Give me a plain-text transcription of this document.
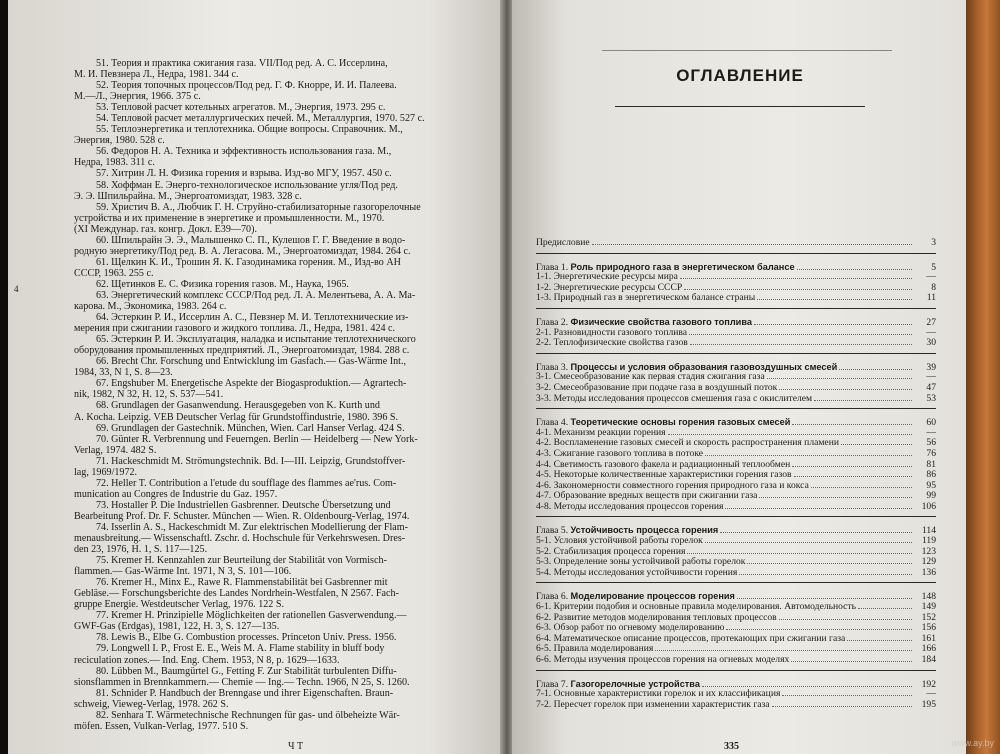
51. Теория и практика сжигания газа. VII/Под ред. А. С. Иссерлина,
М. И. Певзнера Л., Недра, 1981. 344 с.

52. Теория топочных процессов/Под ред. Г. Ф. Кнорре, И. И. Палеева.
М.—Л., Энергия, 1966. 375 с.

53. Тепловой расчет котельных агрегатов. М., Энергия, 1973. 295 с.

54. Тепловой расчет металлургических печей. М., Металлургия, 1970. 527 с.

55. Теплоэнергетика и теплотехника. Общие вопросы. Справочник. М.,
Энергия, 1980. 528 с.

56. Федоров Н. А. Техника и эффективность использования газа. М.,
Недра, 1983. 311 с.

57. Хитрин Л. Н. Физика горения и взрыва. Изд-во МГУ, 1957. 450 с.

58. Хоффман Е. Энерго-технологическое использование угля/Под ред.
Э. Э. Шпильрайна. М., Энергоатомиздат, 1983. 328 с.

59. Христич В. А., Любчик Г. Н. Струйно-стабилизаторные газогорелочные
устройства и их применение в энергетике и промышленности. М., 1970.
(XI Междунар. газ. конгр. Докл. Е39—70).

60. Шпильрайн Э. Э., Малышенко С. П., Кулешов Г. Г. Введение в водо-
родную энергетику/Под ред. В. А. Легасова. М., Энергоатомиздат, 1984. 264 с.

61. Щелкин К. И., Трошин Я. К. Газодинамика горения. М., Изд-во АН
СССР, 1963. 255 с.

62. Щетинков Е. С. Физика горения газов. М., Наука, 1965.

63. Энергетический комплекс СССР/Под ред. Л. А. Мелентьева, А. А. Ма-
карова. М., Экономика, 1983. 264 с.

64. Эстеркин Р. И., Иссерлин А. С., Певзнер М. И. Теплотехнические из-
мерения при сжигании газового и жидкого топлива. Л., Недра, 1981. 424 с.

65. Эстеркин Р. И. Эксплуатация, наладка и испытание теплотехнического
оборудования промышленных предприятий. Л., Энергоатомиздат, 1984. 288 с.

66. Brecht Chr. Forschung und Entwicklung im Gasfach.— Gas-Wärme Int.,
1984, 33, N 1, S. 8—23.

67. Engshuber M. Energetische Aspekte der Biogasproduktion.— Agrartech-
nik, 1982, N 32, H. 12, S. 537—541.

68. Grundlagen der Gasanwendung. Herausgegeben von K. Kurth und
A. Kocha. Leipzig. VEB Deutscher Verlag für Grundstoffindustrie, 1980. 396 S.

69. Grundlagen der Gastechnik. München, Wien. Carl Hanser Verlag. 424 S.

70. Günter R. Verbrennung und Feuerngen. Berlin — Heidelberg — New York-
Verlag, 1974. 482 S.

71. Hackeschmidt M. Strömungstechnik. Bd. I—III. Leipzig, Grundstoffver-
lag, 1969/1972.

72. Heller T. Contribution a l'etude du soufflage des flammes ae'rus. Com-
munication au Congres de Industrie du Gaz. 1957.

73. Hostaller P. Die Industriellen Gasbrenner. Deutsche Übersetzung und
Bearbeitung Prof. Dr. F. Schuster. München — Wien. R. Oldenbourg-Verlag, 1974.

74. Isserlin A. S., Hackeschmidt M. Zur elektrischen Modellierung der Flam-
menausbreitung.— Wissenschaftl. Zschr. d. Hochschule für Verkehrswesen. Dres-
den 23, 1976, H. 1, S. 117—125.

75. Kremer H. Kennzahlen zur Beurteilung der Stabilität von Vormisch-
flammen.— Gas-Wärme Int. 1971, N 3, S. 101—106.

76. Kremer H., Minx E., Rawe R. Flammenstabilität bei Gasbrenner mit
Gebläse.— Forschungsberichte des Landes Nordrhein-Westfalen, N 2567. Fach-
gruppe Energie. Westdeutscher Verlag, 1976. 122 S.

77. Kremer H. Prinzipielle Möglichkeiten der rationellen Gasverwendung.—
GWF-Gas (Erdgas), 1981, 122, H. 3, S. 127—135.

78. Lewis B., Elbe G. Combustion processes. Princeton Univ. Press. 1956.

79. Longwell I. P., Frost E. E., Weis M. A. Flame stability in bluff body
reciculation zones.— Ind. Eng. Chem. 1953, N 8, p. 1629—1633.

80. Lübben M., Baumgürtel G., Fetting F. Zur Stabilität turbulenten Diffu-
sionsflammen in Brennkammern.— Chemie — Ing.— Techn. 1966, N 25, S. 1260.

81. Schnider P. Handbuch der Brenngase und ihrer Eigenschaften. Braun-
schweig, Vieweg-Verlag, 1978. 262 S.

82. Senhara T. Wärmetechnische Rechnungen für gas- und ölbeheizte Wär-
möfen. Essen, Vulkan-Verlag, 1977. 510 S.

4
Ч Т
ОГЛАВЛЕНИЕ
Предисловие	3
Глава 1. Роль природного газа в энергетическом балансе	5
1-1. Энергетические ресурсы мира	—
1-2. Энергетические ресурсы СССР	8
1-3. Природный газ в энергетическом балансе страны	11
Глава 2. Физические свойства газового топлива	27
2-1. Разновидности газового топлива	—
2-2. Теплофизические свойства газов	30
Глава 3. Процессы и условия образования газовоздушных смесей	39
3-1. Смесеобразование как первая стадия сжигания газа	—
3-2. Смесеобразование при подаче газа в воздушный поток	47
3-3. Методы исследования процессов смешения газа с окислителем	53
Глава 4. Теоретические основы горения газовых смесей	60
4-1. Механизм реакции горения	—
4-2. Воспламенение газовых смесей и скорость распространения пламени	56
4-3. Сжигание газового топлива в потоке	76
4-4. Светимость газового факела и радиационный теплообмен	81
4-5. Некоторые количественные характеристики горения газов	86
4-6. Закономерности совместного горения природного газа и кокса	95
4-7. Образование вредных веществ при сжигании газа	99
4-8. Методы исследования процессов горения	106
Глава 5. Устойчивость процесса горения	114
5-1. Условия устойчивой работы горелок	119
5-2. Стабилизация процесса горения	123
5-3. Определение зоны устойчивой работы горелок	129
5-4. Методы исследования устойчивости горения	136
Глава 6. Моделирование процессов горения	148
6-1. Критерии подобия и основные правила моделирования. Автомодельность	149
6-2. Развитие методов моделирования тепловых процессов	152
6-3. Обзор работ по огневому моделированию	156
6-4. Математическое описание процессов, протекающих при сжигании газа	161
6-5. Правила моделирования	166
6-6. Методы изучения процессов горения на огневых моделях	184
Глава 7. Газогорелочные устройства	192
7-1. Основные характеристики горелок и их классификация	—
7-2. Пересчет горелок при изменении характеристик газа	195
335	www.ay.by
